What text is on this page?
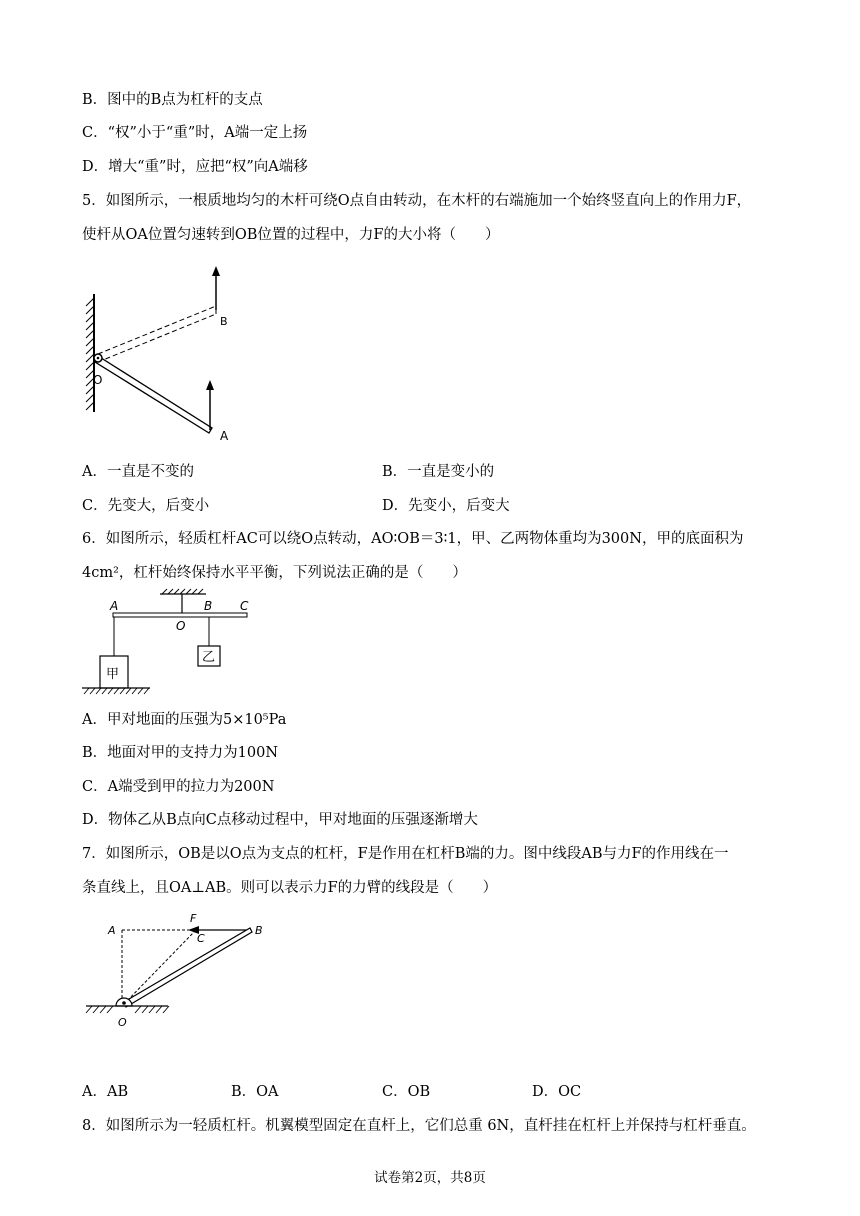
B．图中的B点为杠杆的支点
C．“权”小于“重”时，A端一定上扬
D．增大“重”时，应把“权”向A端移
5．如图所示，一根质地均匀的木杆可绕O点自由转动，在木杆的右端施加一个始终竖直向上的作用力F，
使杆从OA位置匀速转到OB位置的过程中，力F的大小将（　　）
O
B
A
A．一直是不变的	B．一直是变小的
C．先变大，后变小	D．先变小，后变大
6．如图所示，轻质杠杆AC可以绕O点转动，AO∶OB＝3∶1，甲、乙两物体重均为300N，甲的底面积为
4cm²，杠杆始终保持水平平衡，下列说法正确的是（　　）
A	B C
O
甲
乙
A．甲对地面的压强为5×10⁵Pa
B．地面对甲的支持力为100N
C．A端受到甲的拉力为200N
D．物体乙从B点向C点移动过程中，甲对地面的压强逐渐增大
7．如图所示，OB是以O点为支点的杠杆，F是作用在杠杆B端的力。图中线段AB与力F的作用线在一
条直线上，且OA⊥AB。则可以表示力F的力臂的线段是（　　）
A
F
C
B
O
A．AB	B．OA	C．OB	D．OC
8．如图所示为一轻质杠杆。机翼模型固定在直杆上，它们总重 6N，直杆挂在杠杆上并保持与杠杆垂直。
试卷第2页，共8页
